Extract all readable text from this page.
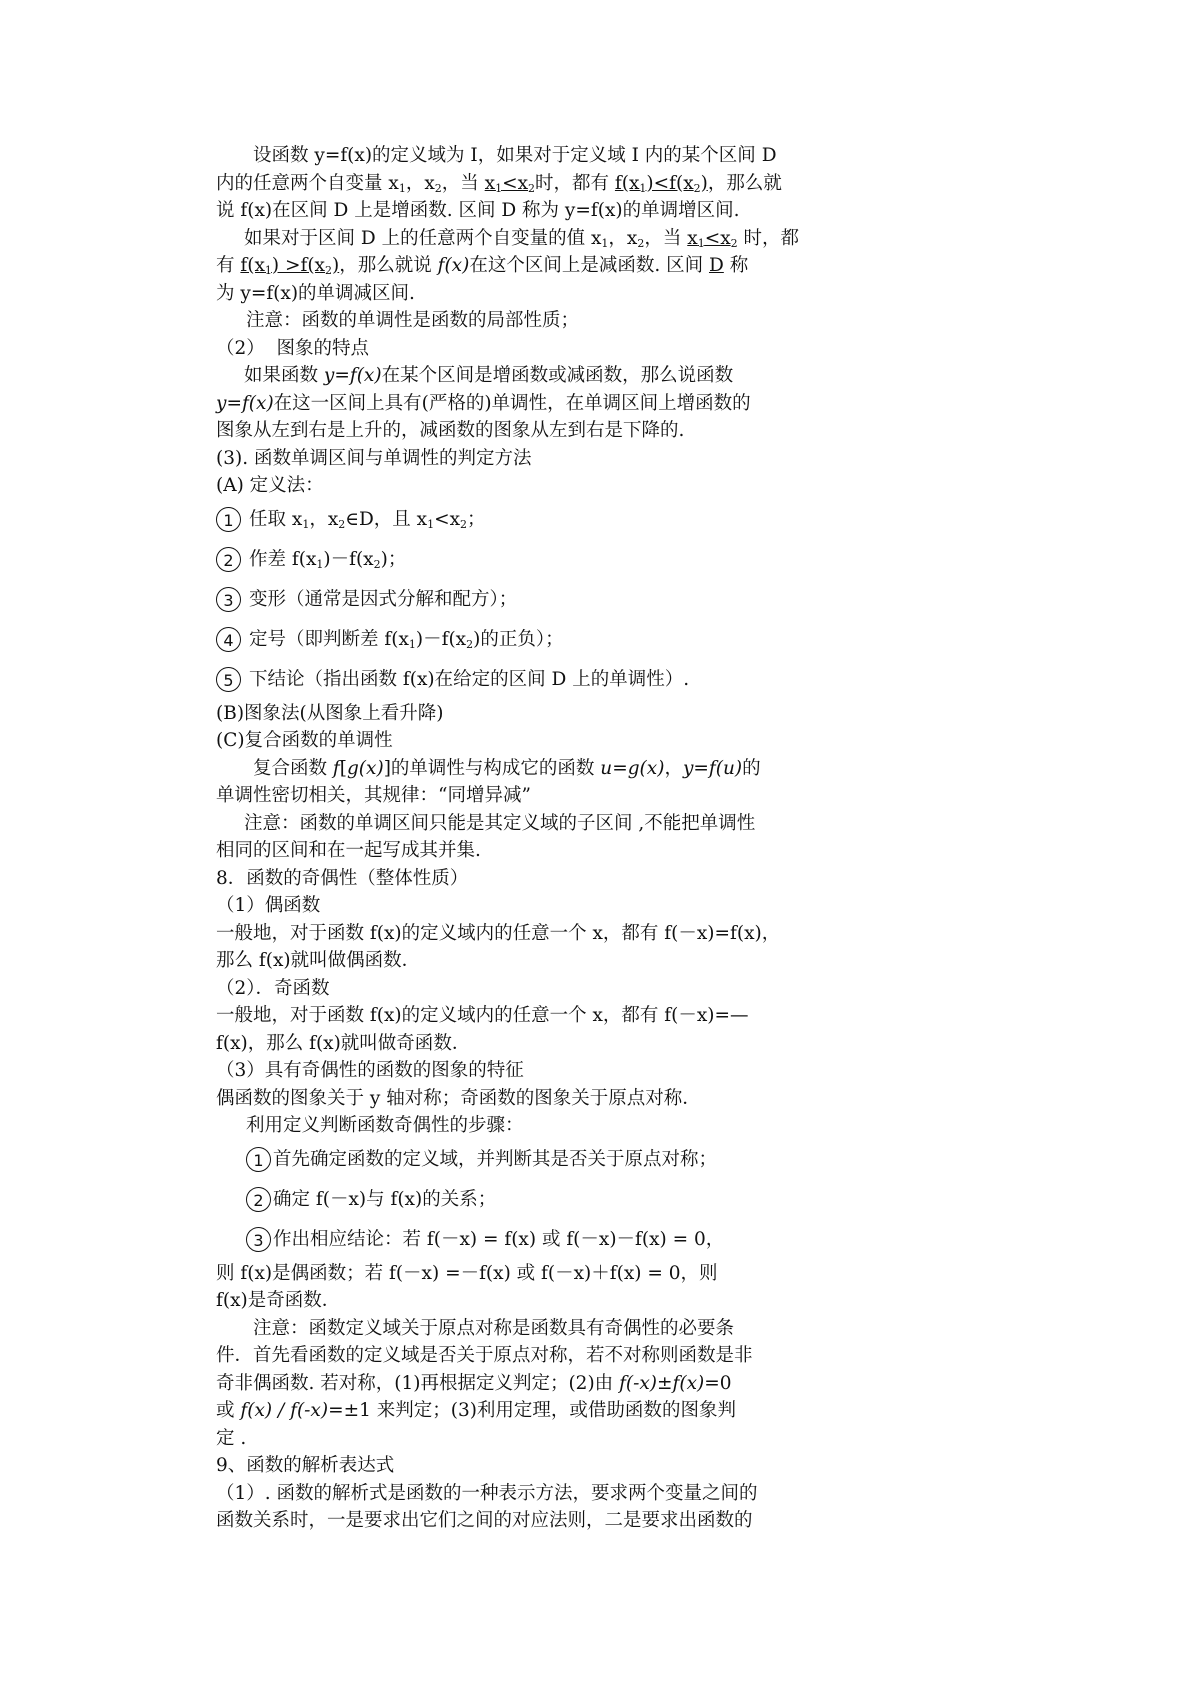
设函数 y=f(x)的定义域为 I，如果对于定义域 I 内的某个区间 D
内的任意两个自变量 $x_1$，$x_2$，当 $x_1<x_2$时，都有 $f(x_1)<f(x_2)$，那么就
说 f(x)在区间 D 上是增函数. 区间 D 称为 y=f(x)的单调增区间.
如果对于区间 D 上的任意两个自变量的值 $x_1$，$x_2$，当 $x_1<x_2$ 时，都
有 $f(x_1) >f(x_2)$，那么就说 f(x)在这个区间上是减函数. 区间 D 称
为 y=f(x)的单调减区间.
注意：函数的单调性是函数的局部性质；
（2）  图象的特点
如果函数 y=f(x)在某个区间是增函数或减函数，那么说函数
y=f(x)在这一区间上具有(严格的)单调性，在单调区间上增函数的
图象从左到右是上升的，减函数的图象从左到右是下降的.
(3). 函数单调区间与单调性的判定方法
(A) 定义法：
1 任取 $x_1$，$x_2\in D$，且 $x_1<x_2$；
2 作差 $f(x_1)-f(x_2)$；
3 变形（通常是因式分解和配方）；
4 定号（即判断差 $f(x_1)-f(x_2)$的正负）；
5 下结论（指出函数 f(x)在给定的区间 D 上的单调性）.
(B)图象法(从图象上看升降)
(C)复合函数的单调性
复合函数 f[g(x)]的单调性与构成它的函数 u=g(x)，y=f(u)的
单调性密切相关，其规律：“同增异减”
注意：函数的单调区间只能是其定义域的子区间 ,不能把单调性
相同的区间和在一起写成其并集.
8．函数的奇偶性（整体性质）
（1）偶函数
一般地，对于函数 f(x)的定义域内的任意一个 x，都有 f(－x)=f(x)，
那么 f(x)就叫做偶函数．
（2）．奇函数
一般地，对于函数 f(x)的定义域内的任意一个 x，都有 f(－x)=—
f(x)，那么 f(x)就叫做奇函数．
（3）具有奇偶性的函数的图象的特征
偶函数的图象关于 y 轴对称；奇函数的图象关于原点对称．
利用定义判断函数奇偶性的步骤：
1 首先确定函数的定义域，并判断其是否关于原点对称；
2 确定 f(－x)与 f(x)的关系；
3 作出相应结论：若 f(－x) = f(x) 或 f(－x)－f(x) = 0，
则 f(x)是偶函数；若 f(－x) =－f(x) 或 f(－x)＋f(x) = 0，则
f(x)是奇函数．
注意：函数定义域关于原点对称是函数具有奇偶性的必要条
件．首先看函数的定义域是否关于原点对称，若不对称则函数是非
奇非偶函数. 若对称，(1)再根据定义判定；(2)由 f(-x)±f(x)=0
或 f(x) / f(-x)=±1 来判定；(3)利用定理，或借助函数的图象判
定 .
9、函数的解析表达式
（1）. 函数的解析式是函数的一种表示方法，要求两个变量之间的
函数关系时，一是要求出它们之间的对应法则，二是要求出函数的
